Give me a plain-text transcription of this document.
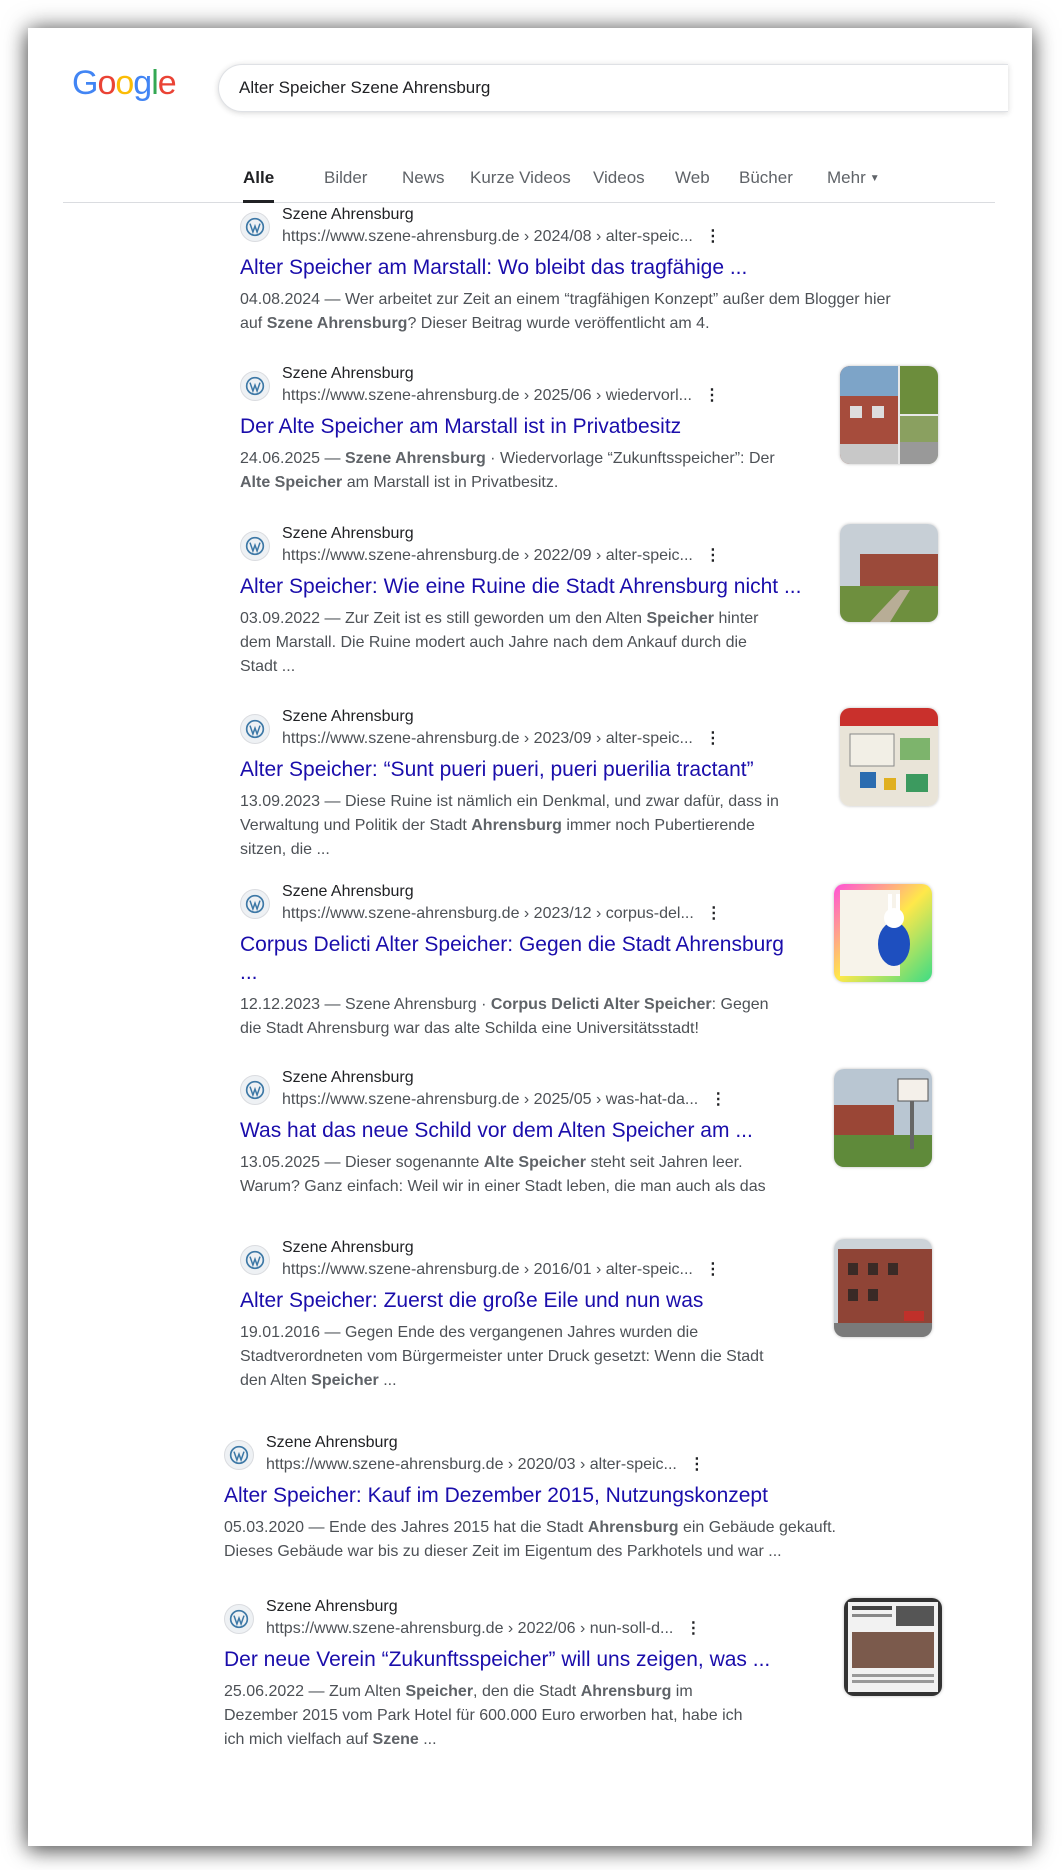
Google	Alter Speicher Szene Ahrensburg
Alle	Bilder News Kurze Videos Videos Web Bücher Mehr ▼
Szene Ahrensburg
https://www.szene-ahrensburg.de › 2024/08 › alter-speic... ⋮
Alter Speicher am Marstall: Wo bleibt das tragfähige ...
04.08.2024 — Wer arbeitet zur Zeit an einem “tragfähigen Konzept” außer dem Blogger hier
auf Szene Ahrensburg? Dieser Beitrag wurde veröffentlicht am 4.
Szene Ahrensburg
https://www.szene-ahrensburg.de › 2025/06 › wiedervorl... ⋮
Der Alte Speicher am Marstall ist in Privatbesitz
24.06.2025 — Szene Ahrensburg · Wiedervorlage “Zukunftsspeicher”: Der
Alte Speicher am Marstall ist in Privatbesitz.
Szene Ahrensburg
https://www.szene-ahrensburg.de › 2022/09 › alter-speic... ⋮
Alter Speicher: Wie eine Ruine die Stadt Ahrensburg nicht ...
03.09.2022 — Zur Zeit ist es still geworden um den Alten Speicher hinter
dem Marstall. Die Ruine modert auch Jahre nach dem Ankauf durch die
Stadt ...
Szene Ahrensburg
https://www.szene-ahrensburg.de › 2023/09 › alter-speic... ⋮
Alter Speicher: “Sunt pueri pueri, pueri puerilia tractant”
13.09.2023 — Diese Ruine ist nämlich ein Denkmal, und zwar dafür, dass in
Verwaltung und Politik der Stadt Ahrensburg immer noch Pubertierende
sitzen, die ...
Szene Ahrensburg
https://www.szene-ahrensburg.de › 2023/12 › corpus-del... ⋮
Corpus Delicti Alter Speicher: Gegen die Stadt Ahrensburg
...
12.12.2023 — Szene Ahrensburg · Corpus Delicti Alter Speicher: Gegen
die Stadt Ahrensburg war das alte Schilda eine Universitätsstadt!
Szene Ahrensburg
https://www.szene-ahrensburg.de › 2025/05 › was-hat-da... ⋮
Was hat das neue Schild vor dem Alten Speicher am ...
13.05.2025 — Dieser sogenannte Alte Speicher steht seit Jahren leer.
Warum? Ganz einfach: Weil wir in einer Stadt leben, die man auch als das
Szene Ahrensburg
https://www.szene-ahrensburg.de › 2016/01 › alter-speic... ⋮
Alter Speicher: Zuerst die große Eile und nun was
19.01.2016 — Gegen Ende des vergangenen Jahres wurden die
Stadtverordneten vom Bürgermeister unter Druck gesetzt: Wenn die Stadt
den Alten Speicher ...
Szene Ahrensburg
https://www.szene-ahrensburg.de › 2020/03 › alter-speic... ⋮
Alter Speicher: Kauf im Dezember 2015, Nutzungskonzept
05.03.2020 — Ende des Jahres 2015 hat die Stadt Ahrensburg ein Gebäude gekauft.
Dieses Gebäude war bis zu dieser Zeit im Eigentum des Parkhotels und war ...
Szene Ahrensburg
https://www.szene-ahrensburg.de › 2022/06 › nun-soll-d... ⋮
Der neue Verein “Zukunftsspeicher” will uns zeigen, was ...
25.06.2022 — Zum Alten Speicher, den die Stadt Ahrensburg im
Dezember 2015 vom Park Hotel für 600.000 Euro erworben hat, habe ich
ich mich vielfach auf Szene ...
